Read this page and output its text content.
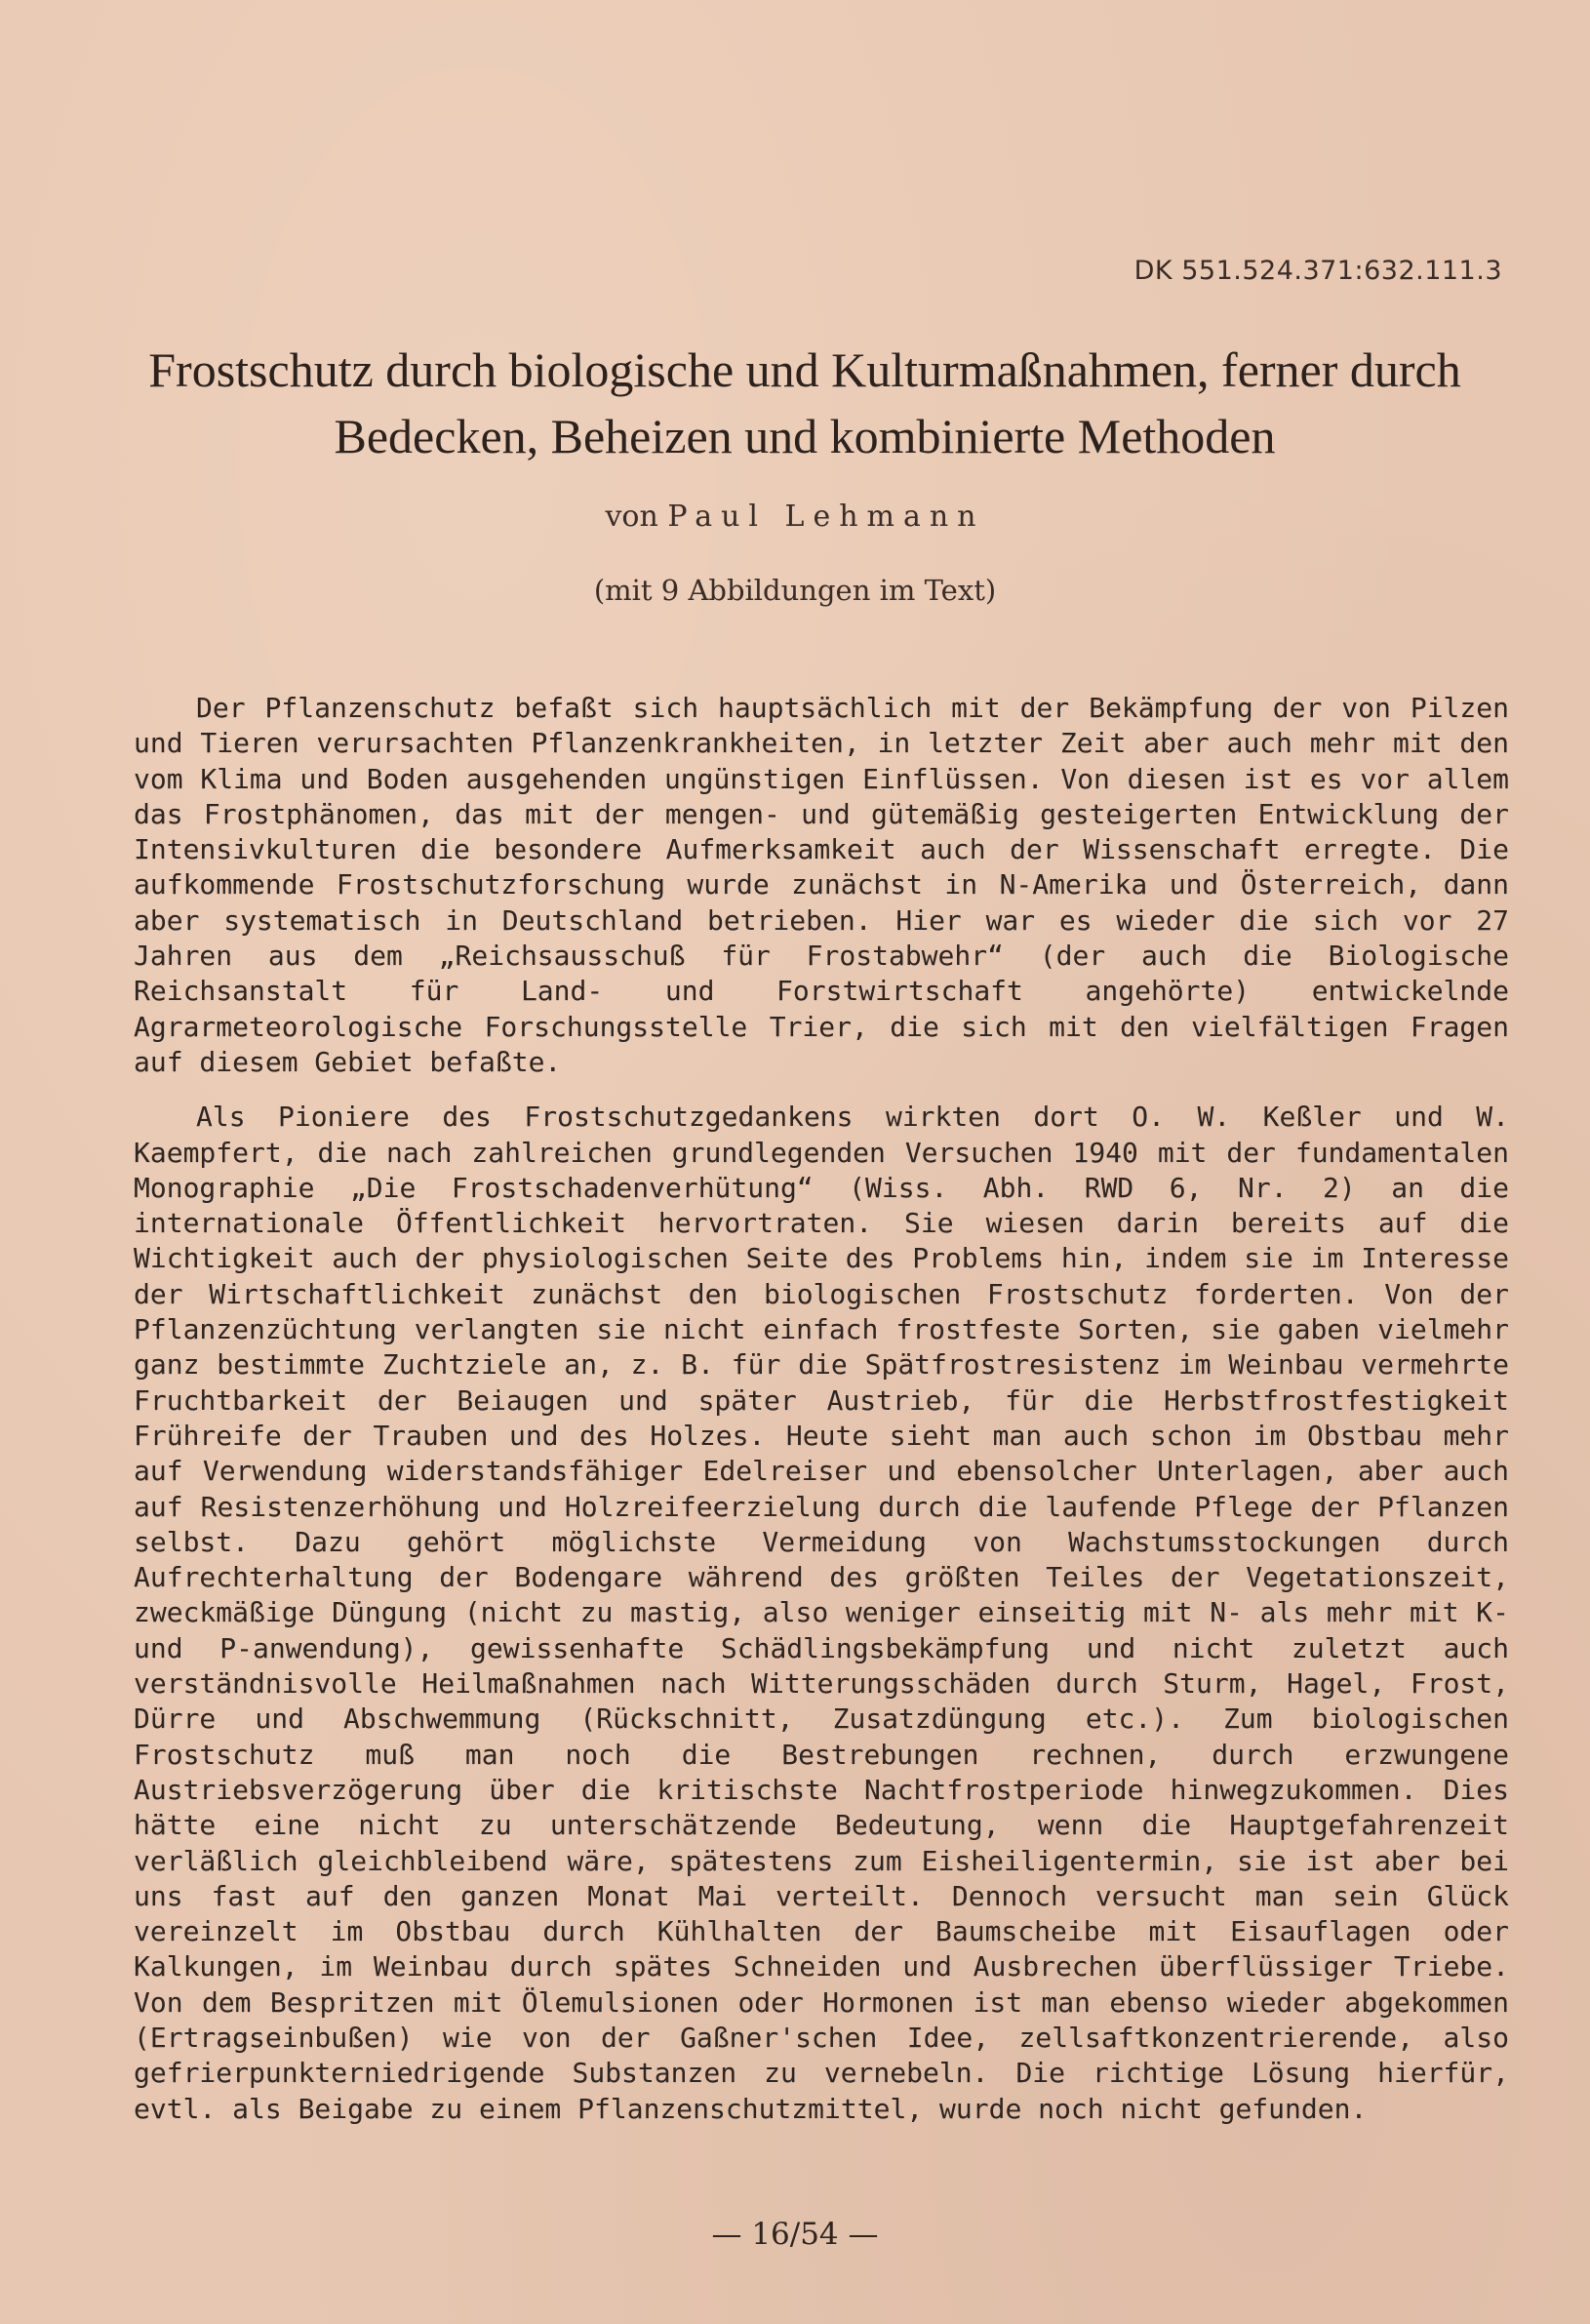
DK 551.524.371:632.111.3
Frostschutz durch biologische und Kulturmaßnahmen, ferner durch
Bedecken, Beheizen und kombinierte Methoden
von Paul Lehmann
(mit 9 Abbildungen im Text)

Der Pflanzenschutz befaßt sich hauptsächlich mit der Bekämpfung der von Pilzen und Tieren verursachten Pflanzenkrankheiten, in letzter Zeit aber auch mehr mit den vom Klima und Boden ausgehenden ungünstigen Einflüssen. Von diesen ist es vor allem das Frostphänomen, das mit der mengen- und gütemäßig gesteigerten Entwicklung der Intensivkulturen die besondere Aufmerksamkeit auch der Wissenschaft erregte. Die aufkommende Frostschutzforschung wurde zunächst in N-Amerika und Österreich, dann aber systematisch in Deutschland betrieben. Hier war es wieder die sich vor 27 Jahren aus dem „Reichsausschuß für Frostabwehr“ (der auch die Biologische Reichsanstalt für Land- und Forstwirtschaft angehörte) entwickelnde Agrarmeteorologische Forschungsstelle Trier, die sich mit den vielfältigen Fragen auf diesem Gebiet befaßte.

Als Pioniere des Frostschutzgedankens wirkten dort O. W. Keßler und W. Kaempfert, die nach zahlreichen grundlegenden Versuchen 1940 mit der fundamentalen Monographie „Die Frostschadenverhütung“ (Wiss. Abh. RWD 6, Nr. 2) an die internationale Öffentlichkeit hervortraten. Sie wiesen darin bereits auf die Wichtigkeit auch der physiologischen Seite des Problems hin, indem sie im Interesse der Wirtschaftlichkeit zunächst den biologischen Frostschutz forderten. Von der Pflanzenzüchtung verlangten sie nicht einfach frostfeste Sorten, sie gaben vielmehr ganz bestimmte Zuchtziele an, z. B. für die Spätfrostresistenz im Weinbau vermehrte Fruchtbarkeit der Beiaugen und später Austrieb, für die Herbstfrostfestigkeit Frühreife der Trauben und des Holzes. Heute sieht man auch schon im Obstbau mehr auf Verwendung widerstandsfähiger Edelreiser und ebensolcher Unterlagen, aber auch auf Resistenzerhöhung und Holzreifeerzielung durch die laufende Pflege der Pflanzen selbst. Dazu gehört möglichste Vermeidung von Wachstumsstockungen durch Aufrechterhaltung der Bodengare während des größten Teiles der Vegetationszeit, zweckmäßige Düngung (nicht zu mastig, also weniger einseitig mit N- als mehr mit K- und P-anwendung), gewissenhafte Schädlingsbekämpfung und nicht zuletzt auch verständnisvolle Heilmaßnahmen nach Witterungsschäden durch Sturm, Hagel, Frost, Dürre und Abschwemmung (Rückschnitt, Zusatzdüngung etc.). Zum biologischen Frostschutz muß man noch die Bestrebungen rechnen, durch erzwungene Austriebsverzögerung über die kritischste Nachtfrostperiode hinwegzukommen. Dies hätte eine nicht zu unterschätzende Bedeutung, wenn die Hauptgefahrenzeit verläßlich gleichbleibend wäre, spätestens zum Eisheiligentermin, sie ist aber bei uns fast auf den ganzen Monat Mai verteilt. Dennoch versucht man sein Glück vereinzelt im Obstbau durch Kühlhalten der Baumscheibe mit Eisauflagen oder Kalkungen, im Weinbau durch spätes Schneiden und Ausbrechen überflüssiger Triebe. Von dem Bespritzen mit Ölemulsionen oder Hormonen ist man ebenso wieder abgekommen (Ertragseinbußen) wie von der Gaßner'schen Idee, zellsaftkonzentrierende, also gefrierpunkterniedrigende Substanzen zu vernebeln. Die richtige Lösung hierfür, evtl. als Beigabe zu einem Pflanzenschutzmittel, wurde noch nicht gefunden.

— 16/54 —
